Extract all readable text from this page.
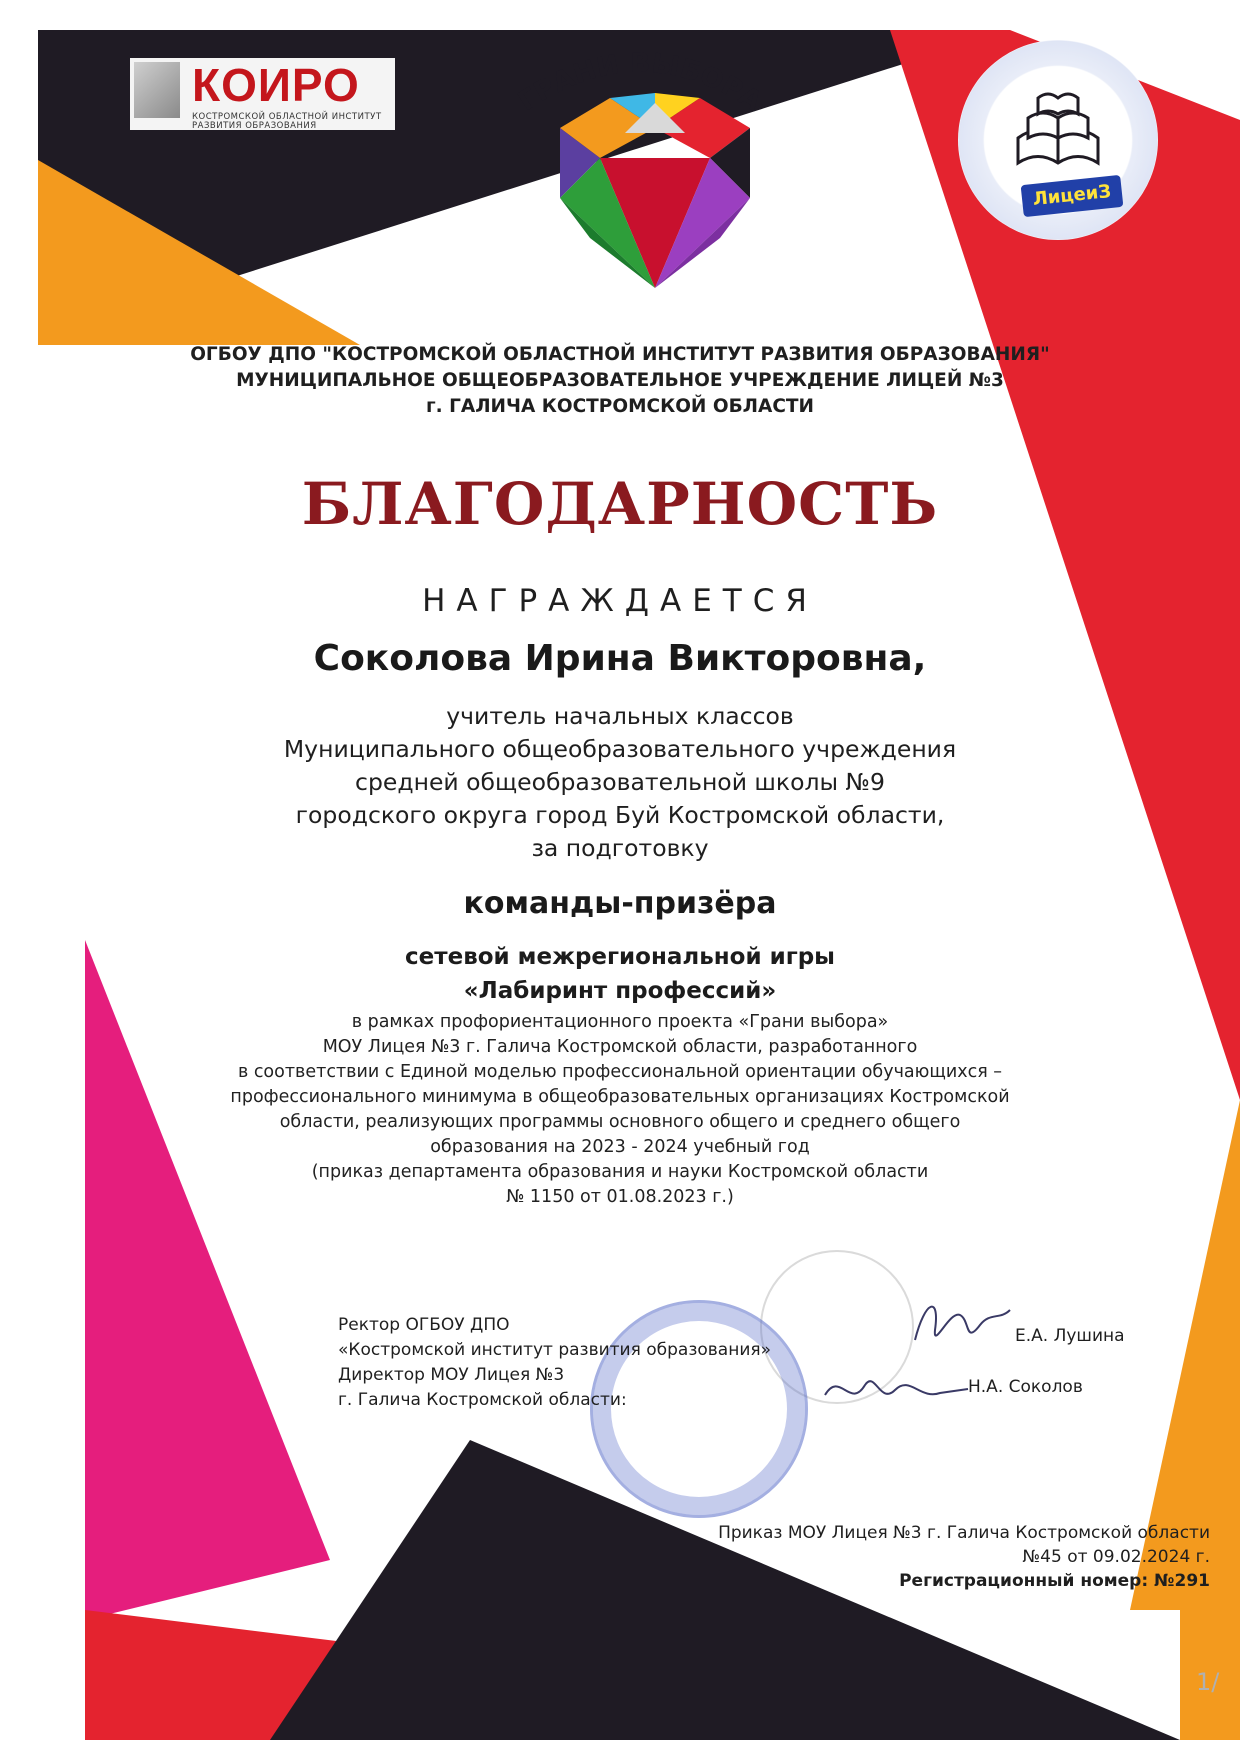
КОИРО
КОСТРОМСКОЙ ОБЛАСТНОЙ ИНСТИТУТ
РАЗВИТИЯ ОБРАЗОВАНИЯ
ГРАНИ ВЫБОРА
ЛицеиЗ
ОГБОУ ДПО "КОСТРОМСКОЙ ОБЛАСТНОЙ ИНСТИТУТ РАЗВИТИЯ ОБРАЗОВАНИЯ"
МУНИЦИПАЛЬНОЕ ОБЩЕОБРАЗОВАТЕЛЬНОЕ УЧРЕЖДЕНИЕ ЛИЦЕЙ №3
г. ГАЛИЧА КОСТРОМСКОЙ ОБЛАСТИ
БЛАГОДАРНОСТЬ
НАГРАЖДАЕТСЯ
Соколова Ирина Викторовна,
учитель начальных классов
Муниципального общеобразовательного учреждения
средней общеобразовательной школы №9
городского округа город Буй Костромской области,
за подготовку
команды-призёра
сетевой межрегиональной игры
«Лабиринт профессий»
в рамках профориентационного проекта «Грани выбора»
МОУ Лицея №3 г. Галича Костромской области, разработанного
в соответствии с Единой моделью профессиональной ориентации обучающихся –
профессионального минимума в общеобразовательных организациях Костромской
области, реализующих программы основного общего и среднего общего
образования на 2023 - 2024 учебный год
(приказ департамента образования и науки Костромской области
№ 1150 от 01.08.2023 г.)
Ректор ОГБОУ ДПО
«Костромской институт развития образования»
Е.А. Лушина
Директор МОУ Лицея №3
г. Галича Костромской области:
Н.А. Соколов
Приказ МОУ Лицея №3 г. Галича Костромской области
№45 от 09.02.2024 г.
Регистрационный номер: №291
1/
